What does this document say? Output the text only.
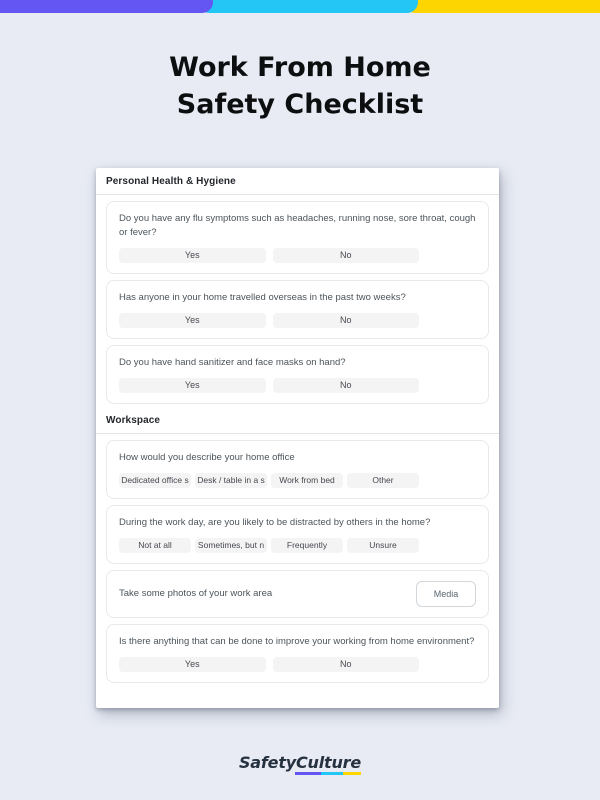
Work From Home
Safety Checklist
Personal Health & Hygiene
Do you have any flu symptoms such as headaches, running nose, sore throat, cough or fever?
Yes	No
Has anyone in your home travelled overseas in the past two weeks?
Yes	No
Do you have hand sanitizer and face masks on hand?
Yes	No
Workspace
How would you describe your home office
Dedicated office s Desk / table in a s	Work from bed	Other
During the work day, are you likely to be distracted by others in the home?
Not at all	Sometimes, but n	Frequently	Unsure
Take some photos of your work area	Media
Is there anything that can be done to improve your working from home environment?
Yes	No
SafetyCulture
